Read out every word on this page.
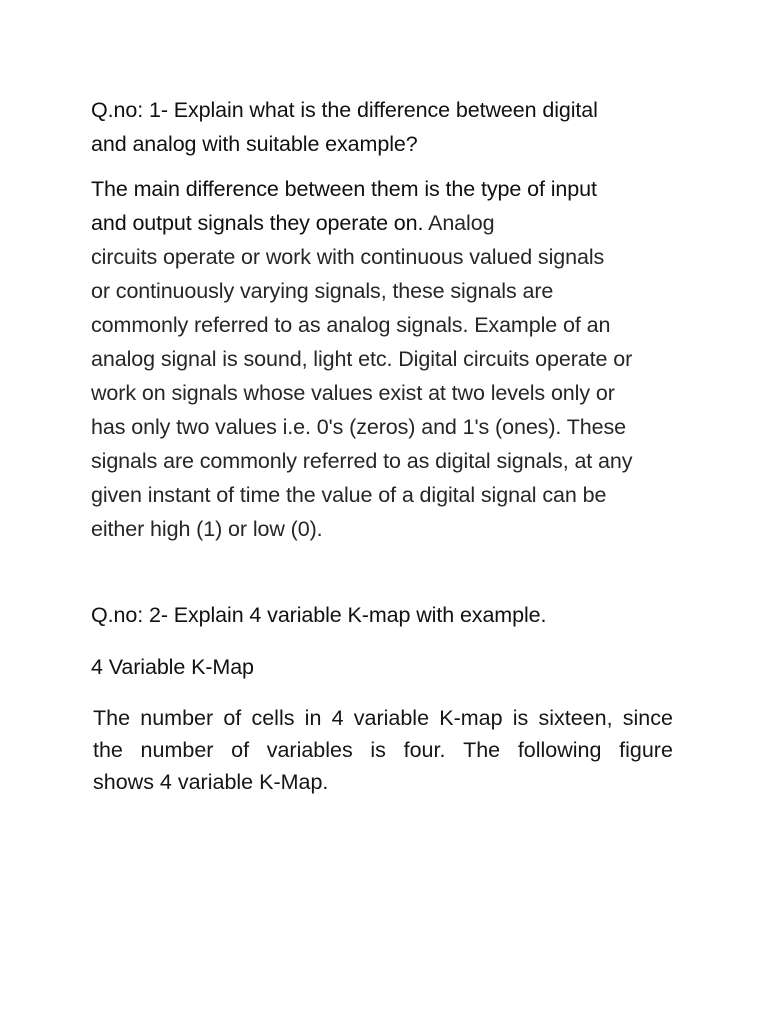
Q.no: 1- Explain what is the difference between digital
and analog with suitable example?
The main difference between them is the type of input
and output signals they operate on. Analog
circuits operate or work with continuous valued signals
or continuously varying signals, these signals are
commonly referred to as analog signals. Example of an
analog signal is sound, light etc. Digital circuits operate or
work on signals whose values exist at two levels only or
has only two values i.e. 0's (zeros) and 1's (ones). These
signals are commonly referred to as digital signals, at any
given instant of time the value of a digital signal can be
either high (1) or low (0).
Q.no: 2- Explain 4 variable K-map with example.
4 Variable K-Map
The number of cells in 4 variable K-map is sixteen, since
the number of variables is four. The following figure
shows 4 variable K-Map.
